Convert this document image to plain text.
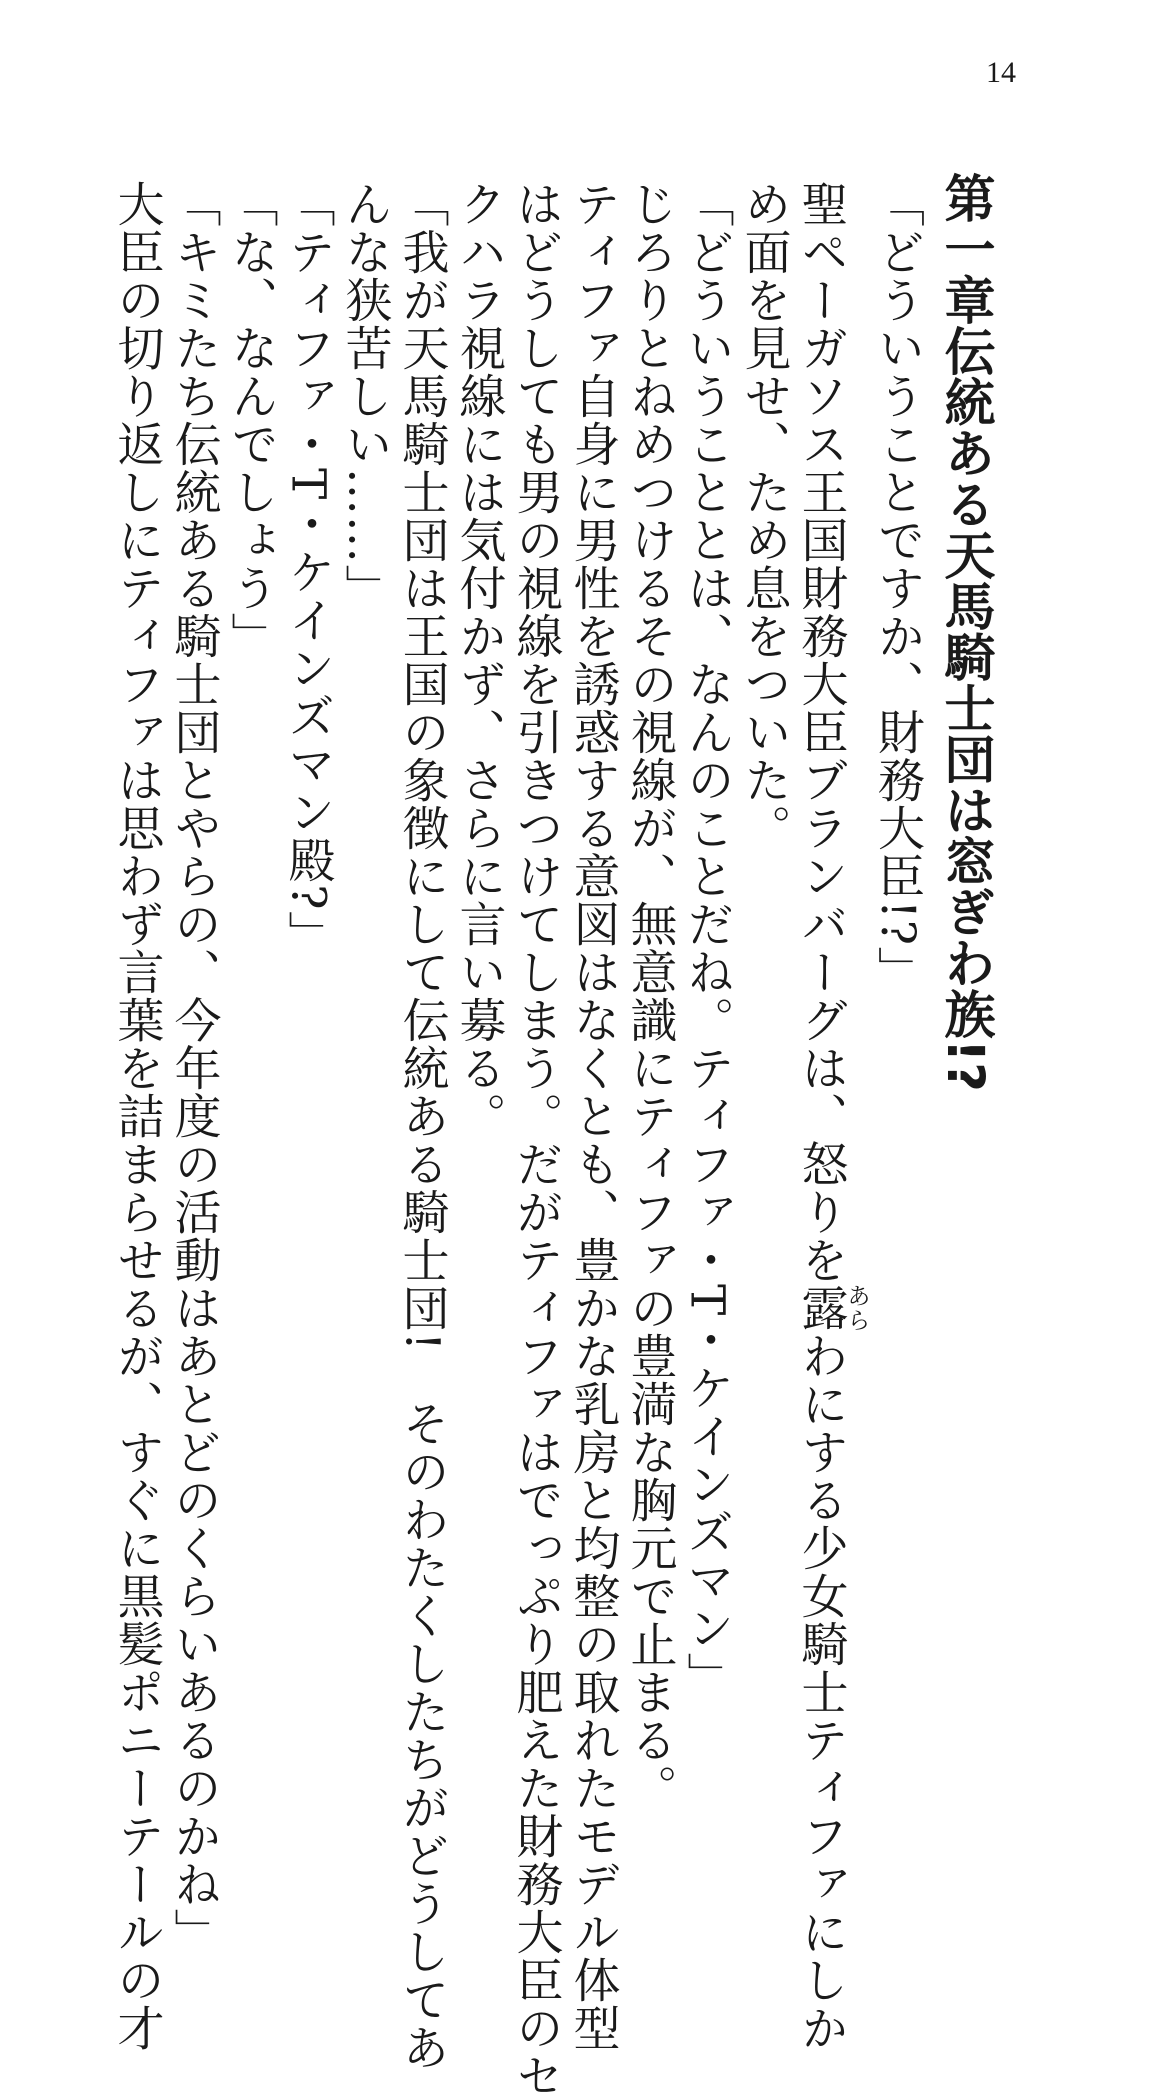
14
第一章伝統ある天馬騎士団は窓ぎわ族!?
「どういうことですか、財務大臣!?」
聖ペーガソス王国財務大臣ブランバーグは、怒りを露あらわにする少女騎士ティファにしか
め面を見せ、ため息をついた。
「どういうこととは、なんのことだね。ティファ・T・ケインズマン」
じろりとねめつけるその視線が、無意識にティファの豊満な胸元で止まる。
ティファ自身に男性を誘惑する意図はなくとも、豊かな乳房と均整の取れたモデル体型
はどうしても男の視線を引きつけてしまう。だがティファはでっぷり肥えた財務大臣のセ
クハラ視線には気付かず、さらに言い募る。
「我が天馬騎士団は王国の象徴にして伝統ある騎士団!　そのわたくしたちがどうしてあ
んな狭苦しい……」
「ティファ・T・ケインズマン殿?」
「な、なんでしょう」
「キミたち伝統ある騎士団とやらの、今年度の活動はあとどのくらいあるのかね」
大臣の切り返しにティファは思わず言葉を詰まらせるが、すぐに黒髪ポニーテールの才
